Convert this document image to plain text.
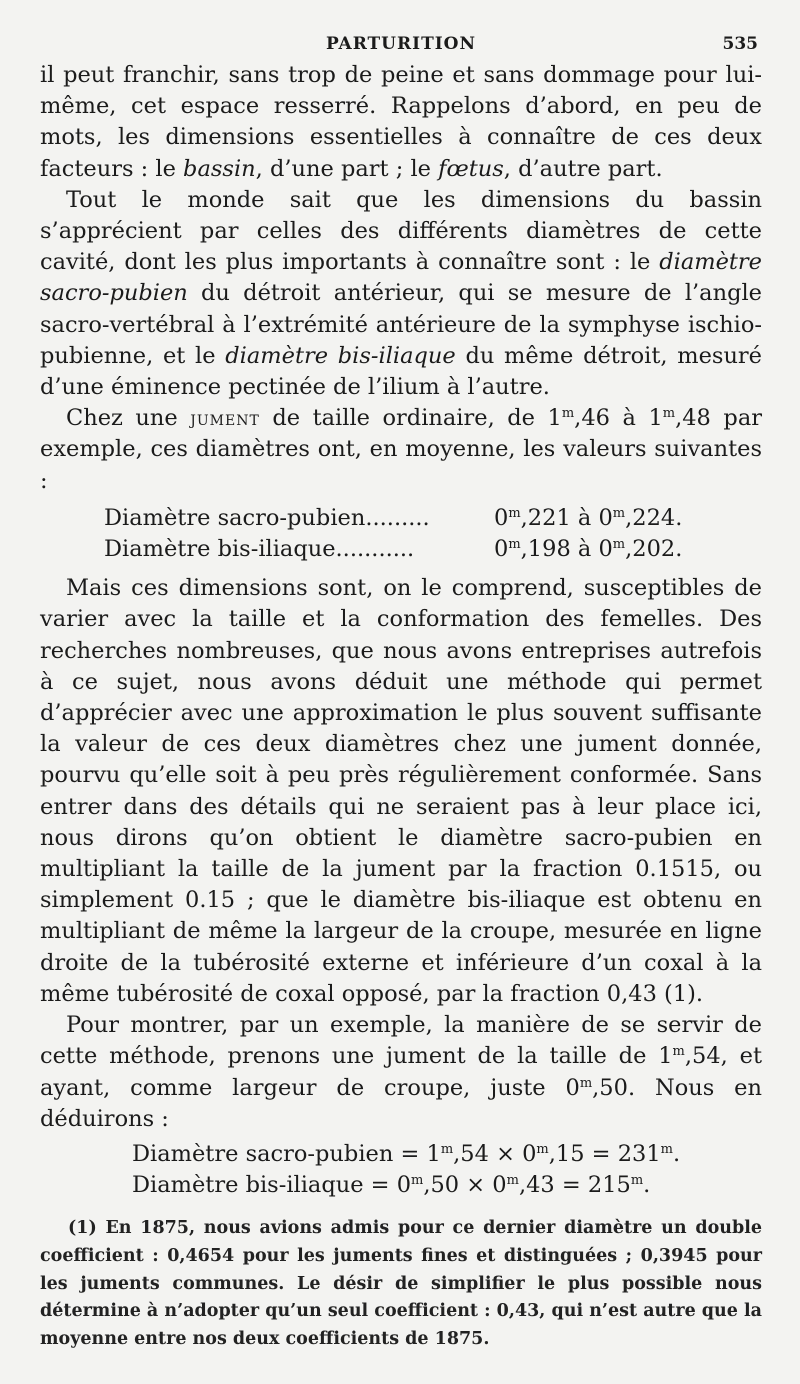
PARTURITION	535

il peut franchir, sans trop de peine et sans dommage pour lui-même, cet espace resserré. Rappelons d’abord, en peu de mots, les dimensions essentielles à connaître de ces deux facteurs : le bassin, d’une part ; le fœtus, d’autre part.

Tout le monde sait que les dimensions du bassin s’apprécient par celles des différents diamètres de cette cavité, dont les plus importants à connaître sont : le diamètre sacro-pubien du détroit antérieur, qui se mesure de l’angle sacro-vertébral à l’extrémité antérieure de la symphyse ischio-pubienne, et le diamètre bis-iliaque du même détroit, mesuré d’une éminence pectinée de l’ilium à l’autre.

Chez une jument de taille ordinaire, de 1$^m$,46 à 1$^m$,48 par exemple, ces diamètres ont, en moyenne, les valeurs suivantes :

Diamètre sacro-pubien.........	0$^m$,221 à 0$^m$,224.
Diamètre bis-iliaque...........	0$^m$,198 à 0$^m$,202.

Mais ces dimensions sont, on le comprend, susceptibles de varier avec la taille et la conformation des femelles. Des recherches nombreuses, que nous avons entreprises autrefois à ce sujet, nous avons déduit une méthode qui permet d’apprécier avec une approximation le plus souvent suffisante la valeur de ces deux diamètres chez une jument donnée, pourvu qu’elle soit à peu près régulièrement conformée. Sans entrer dans des détails qui ne seraient pas à leur place ici, nous dirons qu’on obtient le diamètre sacro-pubien en multipliant la taille de la jument par la fraction 0.1515, ou simplement 0.15 ; que le diamètre bis-iliaque est obtenu en multipliant de même la largeur de la croupe, mesurée en ligne droite de la tubérosité externe et inférieure d’un coxal à la même tubérosité de coxal opposé, par la fraction 0,43 (1).

Pour montrer, par un exemple, la manière de se servir de cette méthode, prenons une jument de la taille de 1$^m$,54, et ayant, comme largeur de croupe, juste 0$^m$,50. Nous en déduirons :

Diamètre sacro-pubien = $1^m,54 \times 0^m,15 = 231^m$.
Diamètre bis-iliaque = $0^m,50 \times 0^m,43 = 215^m$.

(1) En 1875, nous avions admis pour ce dernier diamètre un double coefficient : 0,4654 pour les juments fines et distinguées ; 0,3945 pour les juments communes. Le désir de simplifier le plus possible nous détermine à n’adopter qu’un seul coefficient : 0,43, qui n’est autre que la moyenne entre nos deux coefficients de 1875.
